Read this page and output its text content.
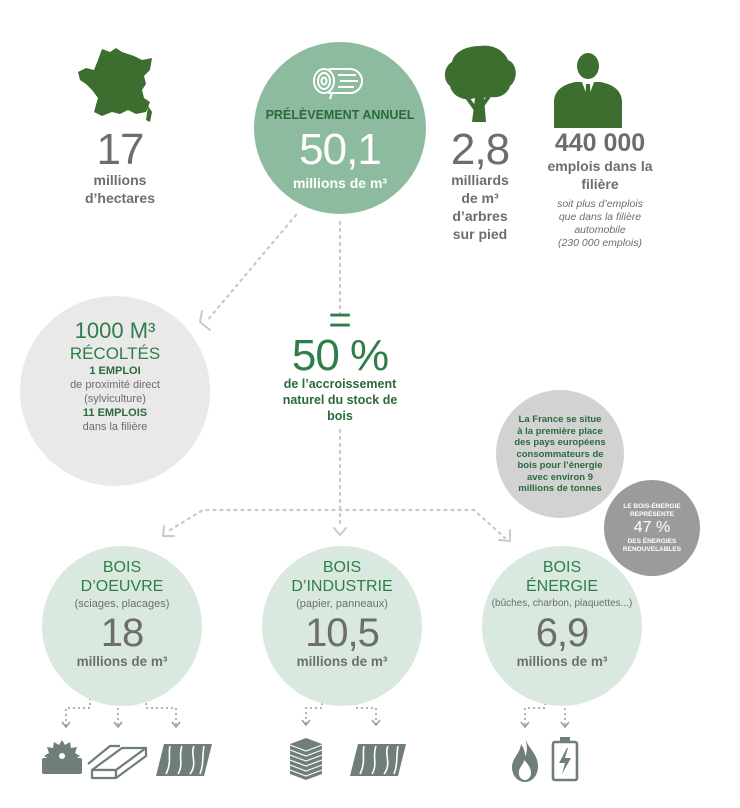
17
millions
d’hectares
PRÉLÈVEMENT ANNUEL
50,1
millions de m³
2,8
milliards
de m³
d’arbres
sur pied
440 000
emplois dans la
filière
soit plus d’emplois
que dans la filière
automobile
(230 000 emplois)
1000 M³
RÉCOLTÉS
1 EMPLOI
de proximité direct
(sylviculture)
11 EMPLOIS
dans la filière
=
50 %
de l’accroissement
naturel du stock de
bois	La France se situe
à la première place
des pays européens
consommateurs de
bois pour l’énergie
avec environ 9
millions de tonnes
LE BOIS-ÉNERGIE
REPRÉSENTE
47 %
DES ÉNERGIES
RENOUVELABLES
BOIS
D’OEUVRE
(sciages, placages)
18
millions de m³
BOIS
D’INDUSTRIE
(papier, panneaux)
10,5
millions de m³
BOIS
ÉNERGIE
(bûches, charbon, plaquettes...)
6,9
millions de m³
